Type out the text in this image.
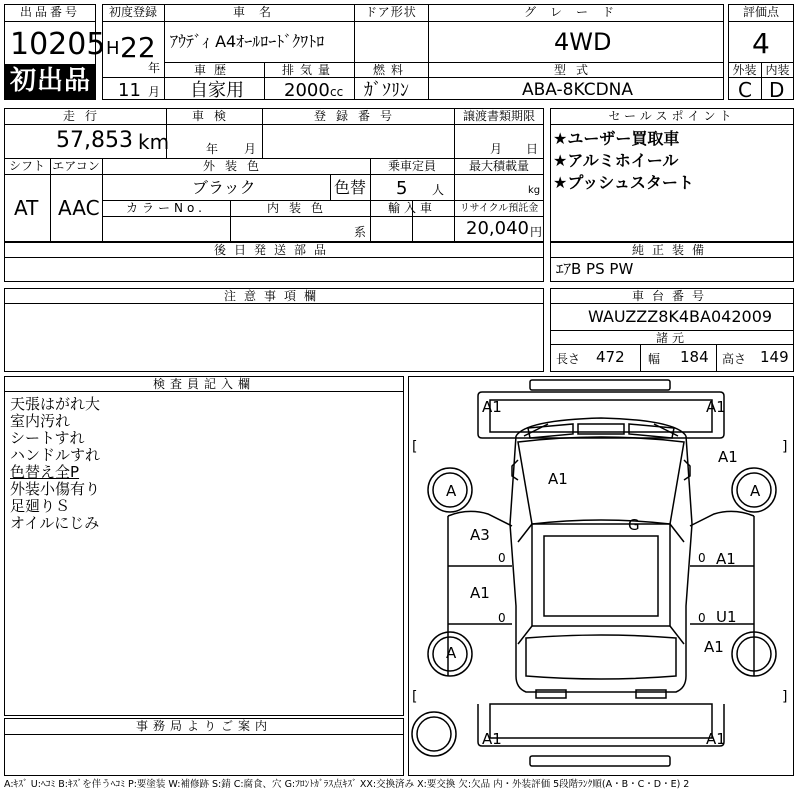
出品番号
10205
初出品
初度登録
H 22
年
11 月
車名
ｱｳﾃﾞｨ A4ｵｰﾙﾛｰﾄﾞｸﾜﾄﾛ
ドア形状	グレード
4WD
車歴
自家用
排気量
2000 cc
燃料
ｶﾞｿﾘﾝ
型式
ABA-8KCDNA
評価点
4
外装 内装
C D
走行
57,853 km
車検
年 月
登録番号	譲渡書類期限
月 日
シフト
AT
エアコン
AAC
外装色
ブラック	色替
乗車定員
5 人
最大積載量
kg
カラーNo.	内装色
系
輸入車	リサイクル預託金
20,040 円
後日発送部品
セールスポイント
★ユーザー買取車
★アルミホイール
★プッシュスタート
純正装備
ｴｱB PS PW
注意事項欄	車台番号
WAUZZZ8K4BA042009
諸元
長さ 472 幅 184 高さ 149
検査員記入欄
天張はがれ大
室内汚れ
シートすれ
ハンドルすれ
色替え全P
外装小傷有り
足廻りＳ
オイルにじみ
事務局よりご案内
A1	A1
[	]
A1
A1
A	A
G
A3
0	0 A1
A1
0	0 U1
A1
A
[	]
A1	A1
A:ｷｽﾞ U:ﾍｺﾐ B:ｷｽﾞを伴うﾍｺﾐ P:要塗装 W:補修跡 S:錆 C:腐食、穴 G:ﾌﾛﾝﾄｶﾞﾗｽ点ｷｽﾞ XX:交換済み X:要交換 欠:欠品 内・外装評価 5段階ﾗﾝｸ順(A・B・C・D・E) 2
